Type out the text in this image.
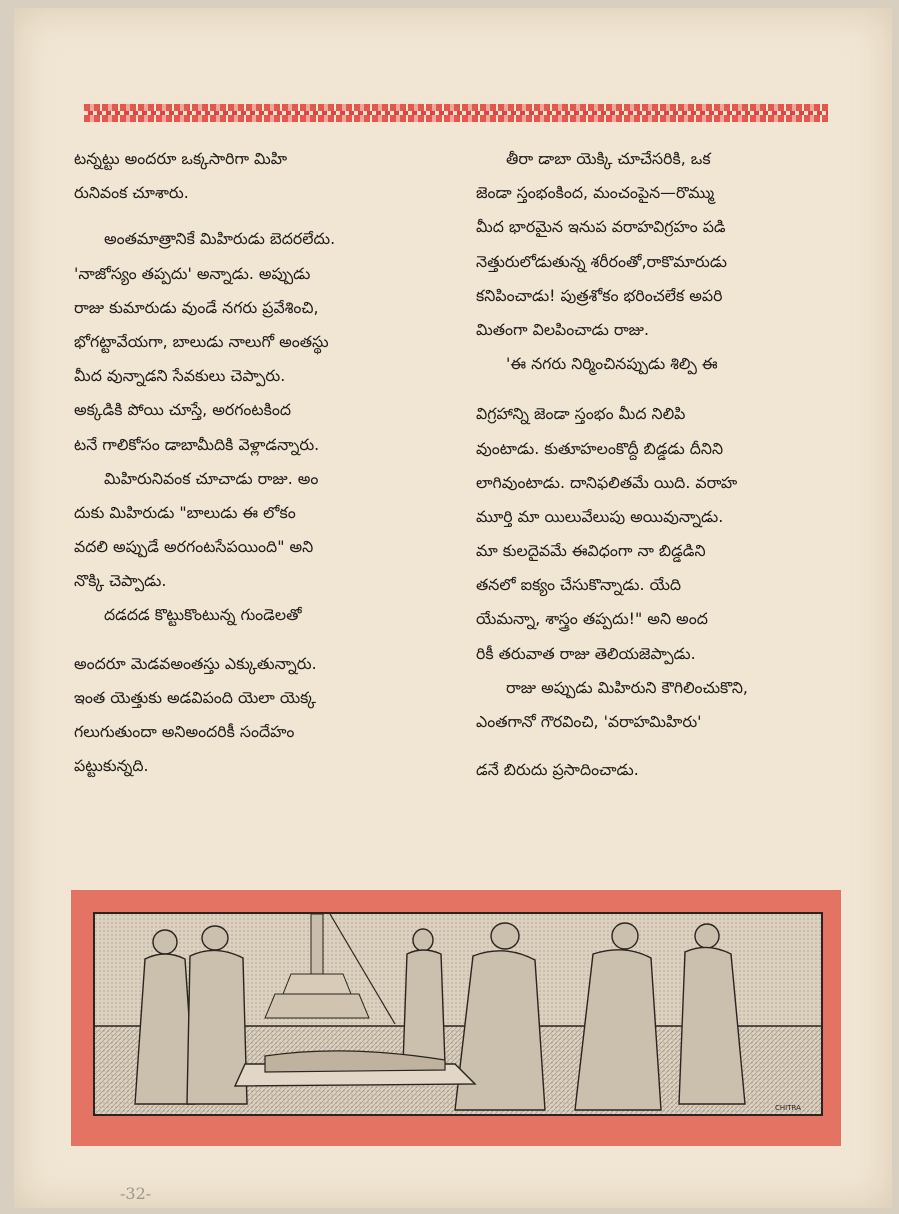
టన్నట్టు అందరూ ఒక్కసారిగా మిహి
రునివంక చూశారు.
అంతమాత్రానికే మిహిరుడు బెదరలేదు.
'నాజోస్యం తప్పదు' అన్నాడు. అప్పుడు
రాజు కుమారుడు వుండే నగరు ప్రవేశించి,
భోగట్టావేయగా, బాలుడు నాలుగో అంతస్థు
మీద వున్నాడని సేవకులు చెప్పారు.
అక్కడికి పోయి చూస్తే, అరగంటకింద
టనే గాలికోసం డాబామీదికి వెళ్లాడన్నారు.
మిహిరునివంక చూచాడు రాజు. అం
దుకు మిహిరుడు "బాలుడు ఈ లోకం
వదలి అప్పుడే అరగంటసేపయింది" అని
నొక్కి చెప్పాడు.
దడదడ కొట్టుకొంటున్న గుండెలతో
అందరూ మెడవఅంతస్తు ఎక్కుతున్నారు.
ఇంత యెత్తుకు అడవిపంది యెలా యెక్క
గలుగుతుందా అనిఅందరికీ సందేహం
పట్టుకున్నది.
తీరా డాబా యెక్కి చూచేసరికి, ఒక
జెండా స్తంభంకింద, మంచంపైన—రొమ్ము
మీద భారమైన ఇనుప వరాహవిగ్రహం పడి
నెత్తురులోడుతున్న శరీరంతో,రాకొమారుడు
కనిపించాడు! పుత్రశోకం భరించలేక అపరి
మితంగా విలపించాడు రాజు.
'ఈ నగరు నిర్మించినప్పుడు శిల్పి ఈ
విగ్రహాన్ని జెండా స్తంభం మీద నిలిపి
వుంటాడు. కుతూహలంకొద్దీ బిడ్డడు దీనిని
లాగివుంటాడు. దానిఫలితమే యిది. వరాహ
మూర్తి మా యిలువేలుపు అయివున్నాడు.
మా కులదైవమే ఈవిధంగా నా బిడ్డడిని
తనలో ఐక్యం చేసుకొన్నాడు. యేది
యేమన్నా, శాస్త్రం తప్పదు!" అని అంద
రికీ తరువాత రాజు తెలియజెప్పాడు.
రాజు అప్పుడు మిహిరుని కౌగిలించుకొని,
ఎంతగానో గౌరవించి, 'వరాహమిహిరు'
డనే బిరుదు ప్రసాదించాడు.
CHITRA
-32-
